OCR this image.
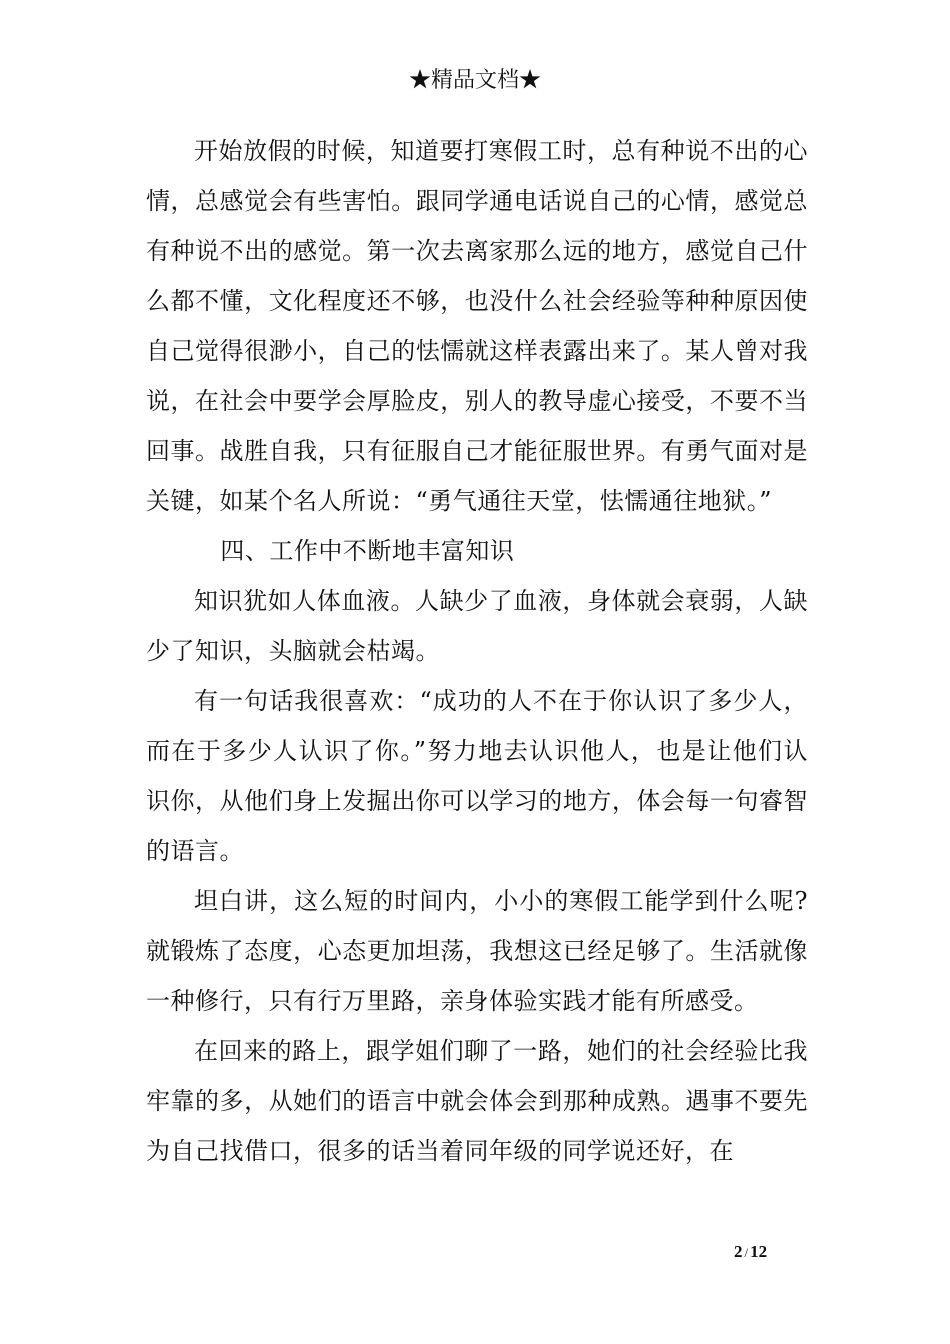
★精品文档★

开始放假的时候，知道要打寒假工时，总有种说不出的心情，总感觉会有些害怕。跟同学通电话说自己的心情，感觉总有种说不出的感觉。第一次去离家那么远的地方，感觉自己什么都不懂，文化程度还不够，也没什么社会经验等种种原因使自己觉得很渺小，自己的怯懦就这样表露出来了。某人曾对我说，在社会中要学会厚脸皮，别人的教导虚心接受，不要不当回事。战胜自我，只有征服自己才能征服世界。有勇气面对是关键，如某个名人所说：“勇气通往天堂，怯懦通往地狱。”

四、工作中不断地丰富知识

知识犹如人体血液。人缺少了血液，身体就会衰弱，人缺少了知识，头脑就会枯竭。

有一句话我很喜欢：“成功的人不在于你认识了多少人，而在于多少人认识了你。”努力地去认识他人，也是让他们认识你，从他们身上发掘出你可以学习的地方，体会每一句睿智的语言。

坦白讲，这么短的时间内，小小的寒假工能学到什么呢?就锻炼了态度，心态更加坦荡，我想这已经足够了。生活就像一种修行，只有行万里路，亲身体验实践才能有所感受。

在回来的路上，跟学姐们聊了一路，她们的社会经验比我牢靠的多，从她们的语言中就会体会到那种成熟。遇事不要先为自己找借口，很多的话当着同年级的同学说还好，在

2 / 12
